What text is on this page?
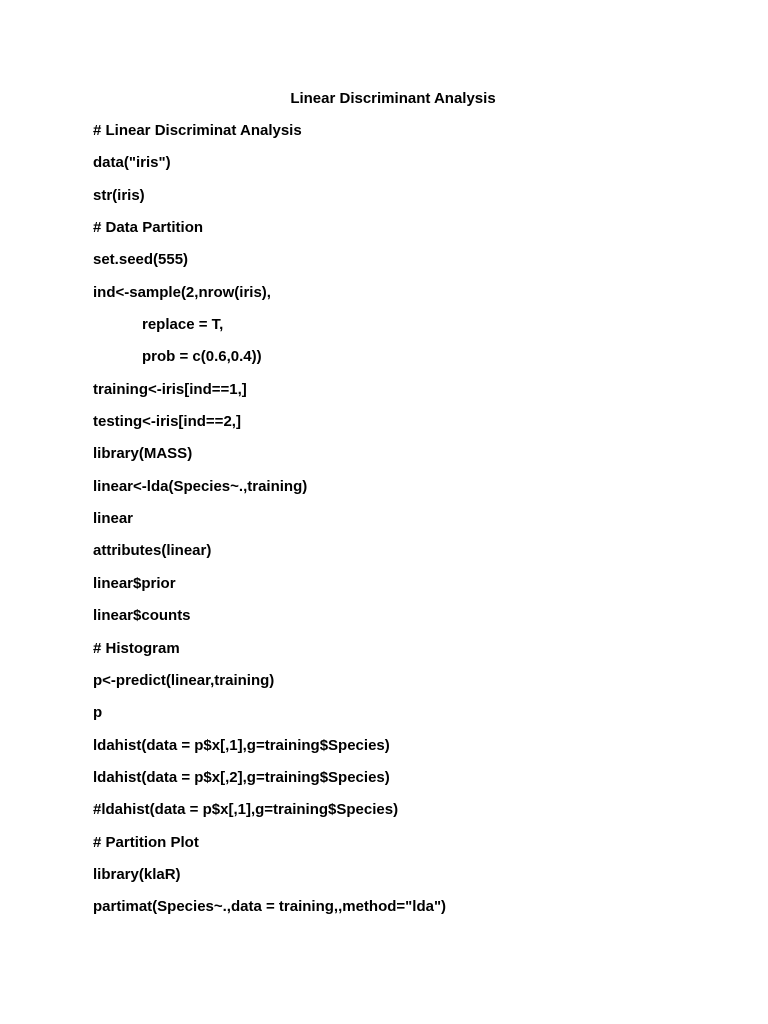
Linear Discriminant Analysis
# Linear Discriminat Analysis
data("iris")
str(iris)
# Data Partition
set.seed(555)
ind<-sample(2,nrow(iris),
replace = T,
prob = c(0.6,0.4))
training<-iris[ind==1,]
testing<-iris[ind==2,]
library(MASS)
linear<-lda(Species~.,training)
linear
attributes(linear)
linear$prior
linear$counts
# Histogram
p<-predict(linear,training)
p
ldahist(data = p$x[,1],g=training$Species)
ldahist(data = p$x[,2],g=training$Species)
#ldahist(data = p$x[,1],g=training$Species)
# Partition Plot
library(klaR)
partimat(Species~.,data = training,,method="lda")
